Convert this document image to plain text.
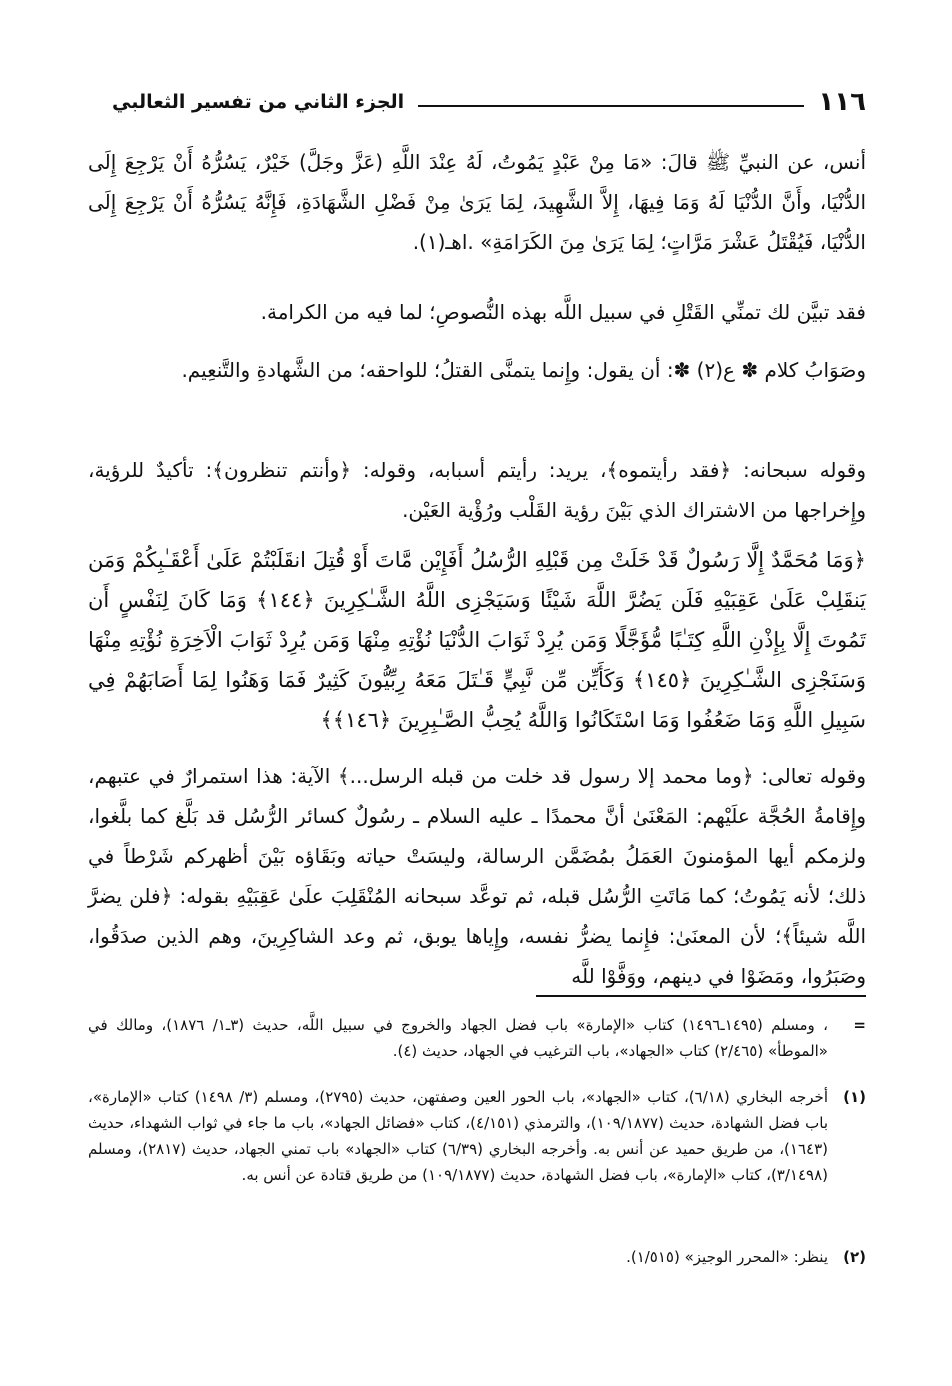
الجزء الثاني من تفسير الثعالبي	١١٦

أنس، عن النبيِّ ﷺ قالَ: «مَا مِنْ عَبْدٍ يَمُوتُ، لَهُ عِنْدَ اللَّهِ (عَزَّ وجَلَّ) خَيْرٌ، يَسُرُّهُ أَنْ يَرْجِعَ إِلَى الدُّنْيَا، وأَنَّ الدُّنْيَا لَهُ وَمَا فِيهَا، إِلاَّ الشَّهِيدَ، لِمَا يَرَىٰ مِنْ فَضْلِ الشَّهَادَةِ، فَإِنَّهُ يَسُرُّهُ أَنْ يَرْجِعَ إِلَى الدُّنْيَا، فَيُقْتَلُ عَشْرَ مَرَّاتٍ؛ لِمَا يَرَىٰ مِنَ الكَرَامَةِ» .اهـ(١).

فقد تبيَّن لك تمنِّي القَتْلِ في سبيل اللَّه بهذه النُّصوصِ؛ لما فيه من الكرامة.

وصَوَابُ كلام ✽ ع(٢) ✽: أن يقول: وإِنما يتمنَّى القتلُ؛ للواحقه؛ من الشَّهادةِ والتَّنعِيم.

وقوله سبحانه: ﴿فقد رأيتموه﴾، يريد: رأيتم أسبابه، وقوله: ﴿وأنتم تنظرون﴾: تأكيدٌ للرؤية، وإِخراجها من الاشتراك الذي بَيْنَ رؤية القَلْب ورُؤْية العَيْن.

﴿وَمَا مُحَمَّدٌ إِلَّا رَسُولٌ قَدْ خَلَتْ مِن قَبْلِهِ الرُّسُلُ أَفَإِيْن مَّاتَ أَوْ قُتِلَ انقَلَبْتُمْ عَلَىٰ أَعْقَـٰبِكُمْ وَمَن يَنقَلِبْ عَلَىٰ عَقِبَيْهِ فَلَن يَضُرَّ اللَّهَ شَيْئًا وَسَيَجْزِى اللَّهُ الشَّـٰكِرِينَ ﴿١٤٤﴾ وَمَا كَانَ لِنَفْسٍ أَن تَمُوتَ إِلَّا بِإِذْنِ اللَّهِ كِتَـٰبًا مُّؤَجَّلًا وَمَن يُرِدْ ثَوَابَ الدُّنْيَا نُؤْتِهِ مِنْهَا وَمَن يُرِدْ ثَوَابَ الْاَخِرَةِ نُؤْتِهِ مِنْهَا وَسَنَجْزِى الشَّـٰكِرِينَ ﴿١٤٥﴾ وَكَأَيِّن مِّن نَّبِيٍّ قَـٰتَلَ مَعَهُ رِبِّيُّونَ كَثِيرٌ فَمَا وَهَنُوا لِمَا أَصَابَهُمْ فِي سَبِيلِ اللَّهِ وَمَا ضَعُفُوا وَمَا اسْتَكَانُوا وَاللَّهُ يُحِبُّ الصَّـٰبِرِينَ ﴿١٤٦﴾﴾

وقوله تعالى: ﴿وما محمد إلا رسول قد خلت من قبله الرسل...﴾ الآية: هذا استمرارٌ في عتبهم، وإِقامةُ الحُجَّة علَيْهم: المَعْنَىٰ أنَّ محمدًا ـ عليه السلام ـ رسُولٌ كسائر الرُّسُل قد بَلَّغ كما بلَّغوا، ولزمكم أيها المؤمنونَ العَمَلُ بمُضَمَّن الرسالة، وليسَتْ حياته وبَقَاؤه بَيْنَ أظهركم شَرْطاً في ذلك؛ لأنه يَمُوتُ؛ كما مَاتَتِ الرُّسُل قبله، ثم توعَّد سبحانه المُنْقَلِبَ علَىٰ عَقِبَيْهِ بقوله: ﴿فلن يضرَّ اللَّه شيئاً﴾؛ لأن المعنَىٰ: فإِنما يضرُّ نفسه، وإِياها يوبق، ثم وعد الشاكِرِينَ، وهم الذين صدَقُوا، وصَبَرُوا، ومَضَوْا في دينهم، ووَفَّوْا للَّه

=
، ومسلم (١٤٩٥ـ١٤٩٦) كتاب «الإمارة» باب فضل الجهاد والخروج في سبيل اللَّه، حديث (٣ـ١/ ١٨٧٦)، ومالك في «الموطأ» (٢/٤٦٥) كتاب «الجهاد»، باب الترغيب في الجهاد، حديث (٤).
(١)
أخرجه البخاري (٦/١٨)، كتاب «الجهاد»، باب الحور العين وصفتهن، حديث (٢٧٩٥)، ومسلم (٣/ ١٤٩٨) كتاب «الإمارة»، باب فضل الشهادة، حديث (١٠٩/١٨٧٧)، والترمذي (٤/١٥١)، كتاب «فضائل الجهاد»، باب ما جاء في ثواب الشهداء، حديث (١٦٤٣)، من طريق حميد عن أنس به. وأخرجه البخاري (٦/٣٩) كتاب «الجهاد» باب تمني الجهاد، حديث (٢٨١٧)، ومسلم (٣/١٤٩٨)، كتاب «الإمارة»، باب فضل الشهادة، حديث (١٠٩/١٨٧٧) من طريق قتادة عن أنس به.
(٢)
ينظر: «المحرر الوجيز» (١/٥١٥).
